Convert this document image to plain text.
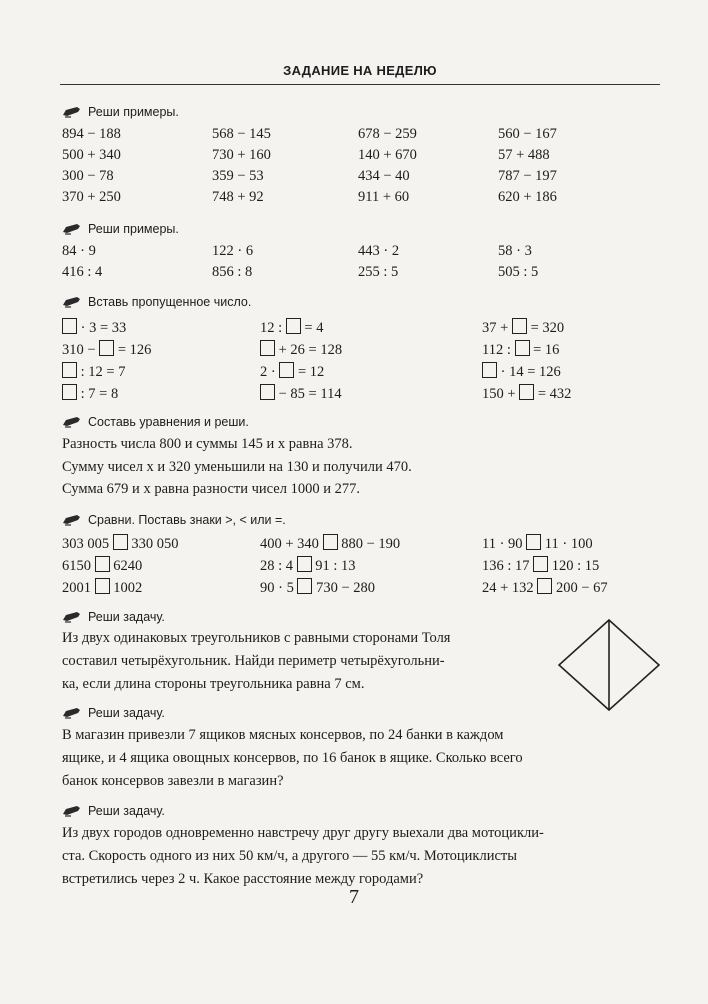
ЗАДАНИЕ НА НЕДЕЛЮ
Реши примеры.
894 − 188	568 − 145	678 − 259	560 − 167
500 + 340	730 + 160	140 + 670	57 + 488
300 − 78	359 − 53	434 − 40	787 − 197
370 + 250	748 + 92	911 + 60	620 + 186
Реши примеры.
84 · 9	122 · 6	443 · 2	58 · 3
416 : 4	856 : 8	255 : 5	505 : 5
Вставь пропущенное число.
· 3 = 33	12 :  = 4	37 +  = 320
310 −  = 126	+ 26 = 128	112 :  = 16
: 12 = 7	2 ·  = 12	· 14 = 126
: 7 = 8	− 85 = 114	150 +  = 432
Составь уравнения и реши.
Разность числа 800 и суммы 145 и x равна 378.
Сумму чисел x и 320 уменьшили на 130 и получили 470.
Сумма 679 и x равна разности чисел 1000 и 277.
Сравни. Поставь знаки >, < или =.
303 005  330 050	400 + 340  880 − 190	11 · 90  11 · 100
6150  6240	28 : 4  91 : 13	136 : 17  120 : 15
2001  1002	90 · 5  730 − 280	24 + 132  200 − 67
Реши задачу.
Из двух одинаковых треугольников с равными сторонами Толя
составил четырёхугольник. Найди периметр четырёхугольни-
ка, если длина стороны треугольника равна 7 см.
Реши задачу.
В магазин привезли 7 ящиков мясных консервов, по 24 банки в каждом
ящике, и 4 ящика овощных консервов, по 16 банок в ящике. Сколько всего
банок консервов завезли в магазин?
Реши задачу.
Из двух городов одновременно навстречу друг другу выехали два мотоцикли-
ста. Скорость одного из них 50 км/ч, а другого — 55 км/ч. Мотоциклисты
встретились через 2 ч. Какое расстояние между городами?
7
